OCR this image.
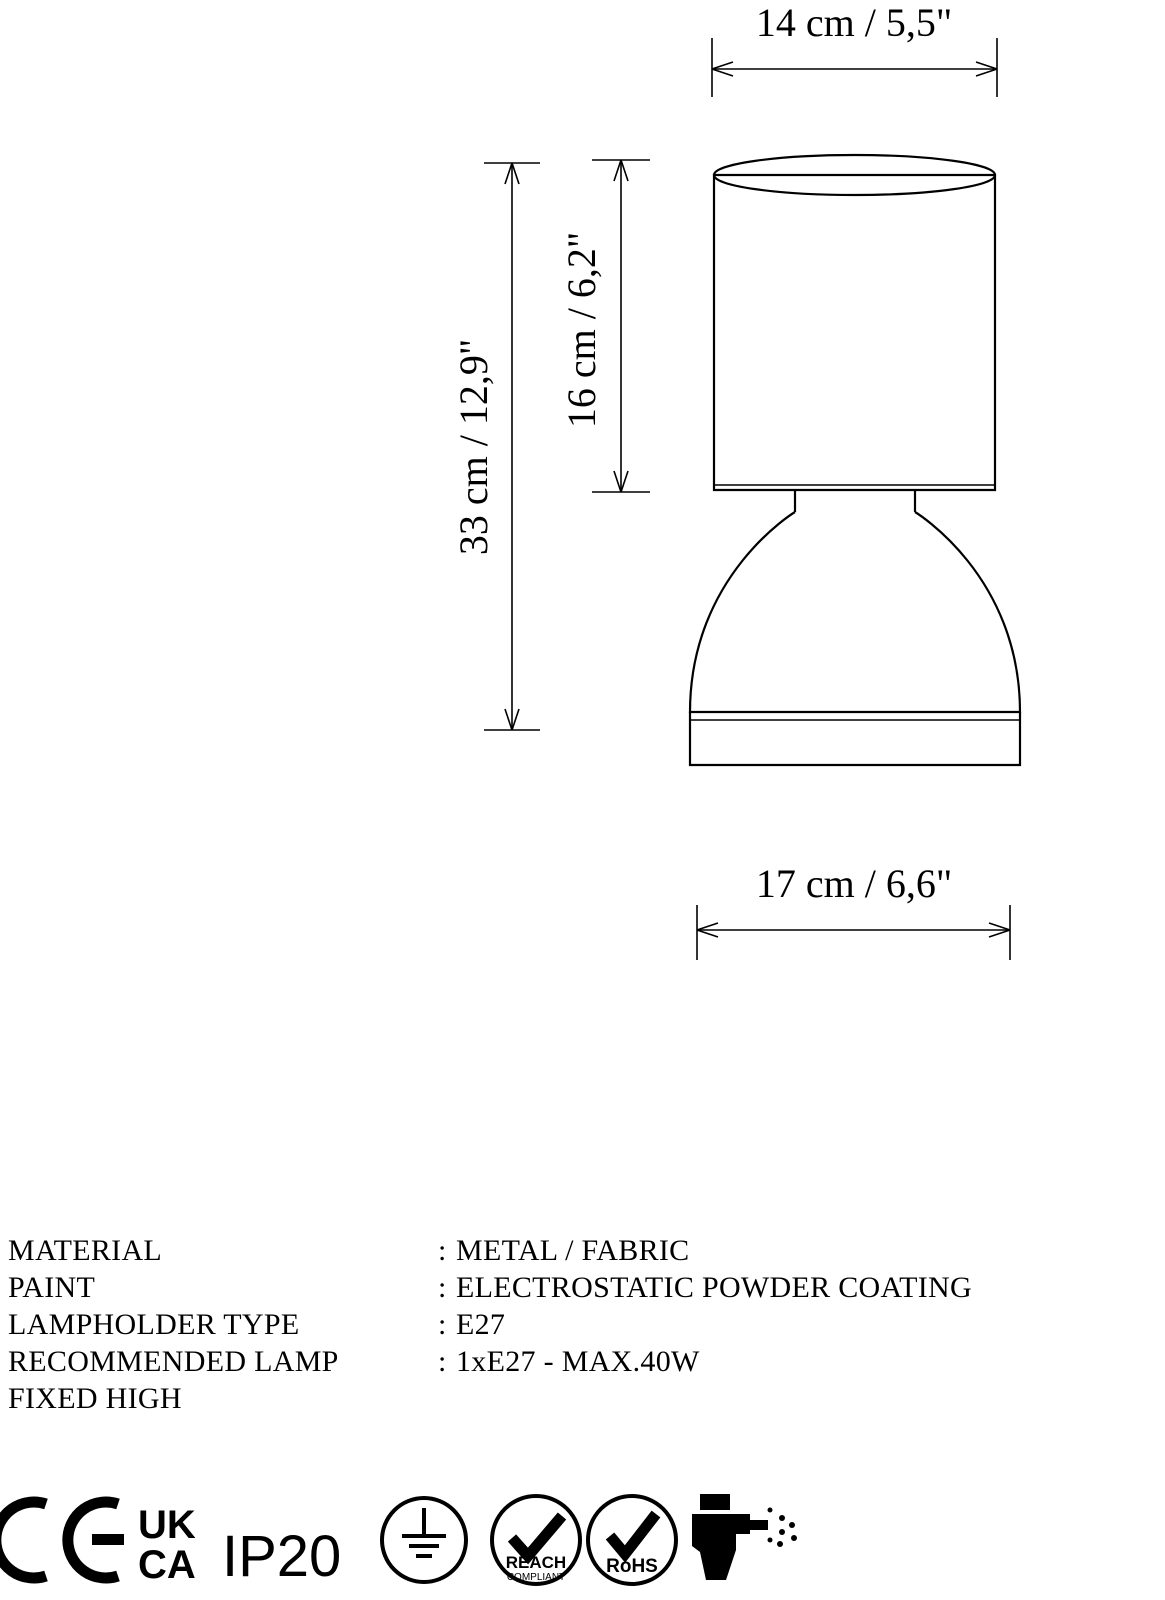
14 cm / 5,5"
16 cm / 6,2"
33 cm / 12,9"
17 cm / 6,6"
MATERIAL	: METAL / FABRIC
PAINT	: ELECTROSTATIC POWDER COATING
LAMPHOLDER TYPE	: E27
RECOMMENDED LAMP	: 1xE27 - MAX.40W
FIXED HIGH
UK
CA IP20	REACH
COMPLIANT
RoHS
